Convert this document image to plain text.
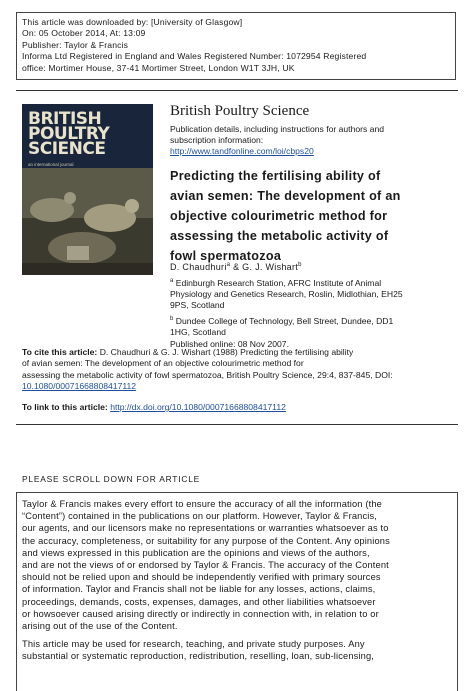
This article was downloaded by: [University of Glasgow]
On: 05 October 2014, At: 13:09
Publisher: Taylor & Francis
Informa Ltd Registered in England and Wales Registered Number: 1072954 Registered
office: Mortimer House, 37-41 Mortimer Street, London W1T 3JH, UK
BRITISH
POULTRY
SCIENCE
an international journal
British Poultry Science
Publication details, including instructions for authors and
subscription information:
http://www.tandfonline.com/loi/cbps20
Predicting the fertilising ability of
avian semen: The development of an
objective colourimetric method for
assessing the metabolic activity of
fowl spermatozoa
D. Chaudhuri$^a$ & G. J. Wishart$^b$
$^a$ Edinburgh Research Station, AFRC Institute of Animal
Physiology and Genetics Research, Roslin, Midlothian, EH25
9PS, Scotland
$^b$ Dundee College of Technology, Bell Street, Dundee, DD1
1HG, Scotland
Published online: 08 Nov 2007.
To cite this article: D. Chaudhuri & G. J. Wishart (1988) Predicting the fertilising ability
of avian semen: The development of an objective colourimetric method for
assessing the metabolic activity of fowl spermatozoa, British Poultry Science, 29:4, 837-845, DOI:
10.1080/00071668808417112
To link to this article: http://dx.doi.org/10.1080/00071668808417112
PLEASE SCROLL DOWN FOR ARTICLE

Taylor & Francis makes every effort to ensure the accuracy of all the information (the
“Content”) contained in the publications on our platform. However, Taylor & Francis,
our agents, and our licensors make no representations or warranties whatsoever as to
the accuracy, completeness, or suitability for any purpose of the Content. Any opinions
and views expressed in this publication are the opinions and views of the authors,
and are not the views of or endorsed by Taylor & Francis. The accuracy of the Content
should not be relied upon and should be independently verified with primary sources
of information. Taylor and Francis shall not be liable for any losses, actions, claims,
proceedings, demands, costs, expenses, damages, and other liabilities whatsoever
or howsoever caused arising directly or indirectly in connection with, in relation to or
arising out of the use of the Content.

This article may be used for research, teaching, and private study purposes. Any
substantial or systematic reproduction, redistribution, reselling, loan, sub-licensing,
